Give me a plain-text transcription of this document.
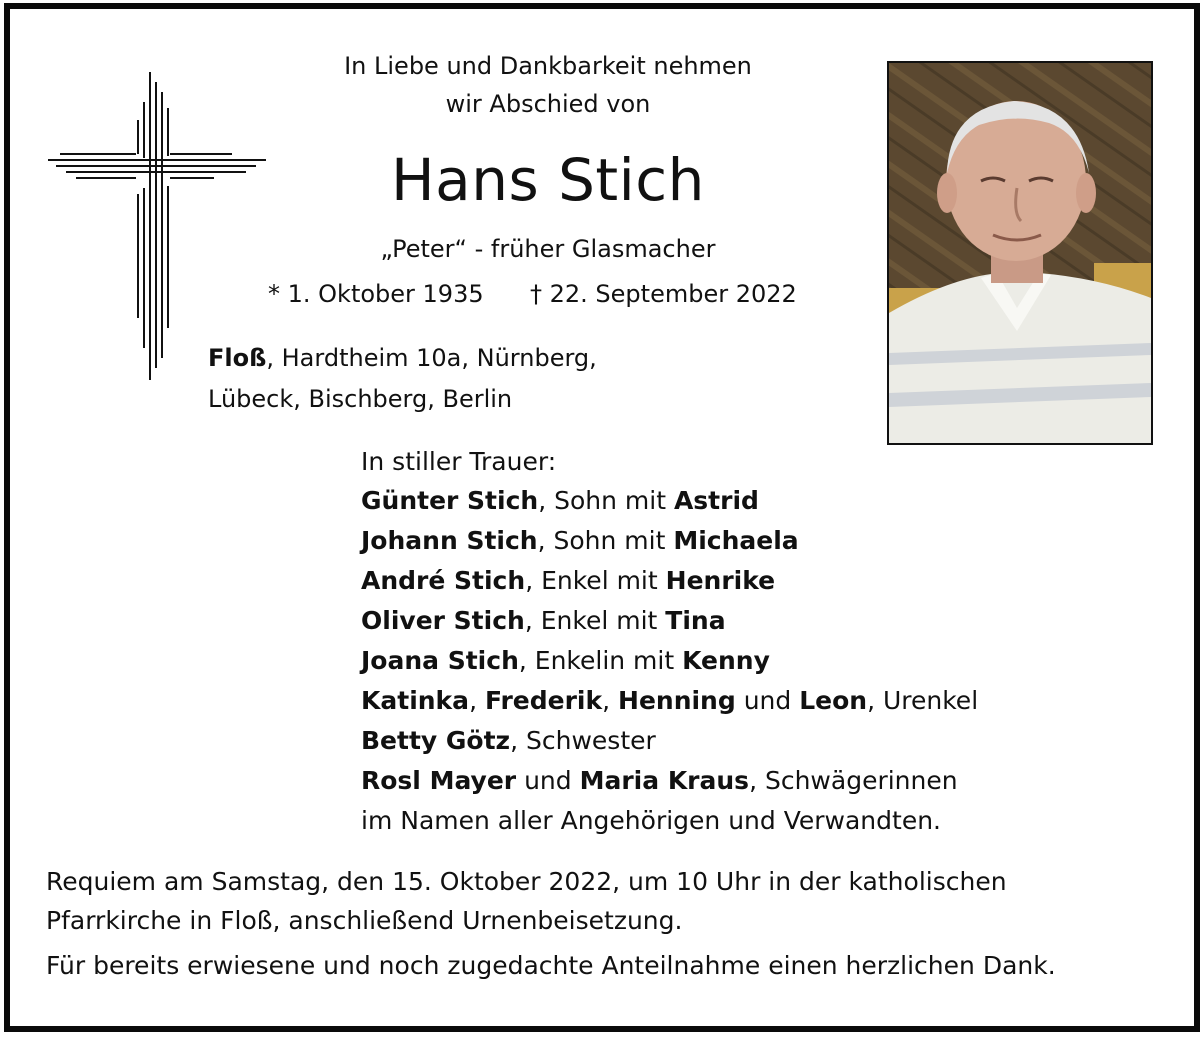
In Liebe und Dankbarkeit nehmen
wir Abschied von
Hans Stich
„Peter“ - früher Glasmacher
* 1. Oktober 1935 † 22. September 2022
Floß, Hardtheim 10a, Nürnberg,
Lübeck, Bischberg, Berlin
In stiller Trauer:
Günter Stich, Sohn mit Astrid
Johann Stich, Sohn mit Michaela
André Stich, Enkel mit Henrike
Oliver Stich, Enkel mit Tina
Joana Stich, Enkelin mit Kenny
Katinka, Frederik, Henning und Leon, Urenkel
Betty Götz, Schwester
Rosl Mayer und Maria Kraus, Schwägerinnen
im Namen aller Angehörigen und Verwandten.
Requiem am Samstag, den 15. Oktober 2022, um 10 Uhr in der katholischen
Pfarrkirche in Floß, anschließend Urnenbeisetzung.
Für bereits erwiesene und noch zugedachte Anteilnahme einen herzlichen Dank.
